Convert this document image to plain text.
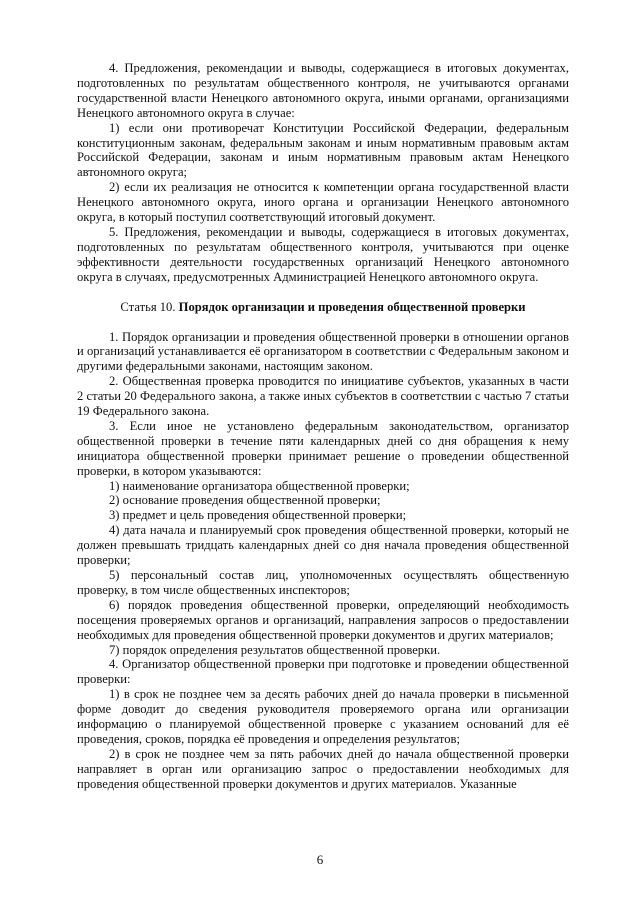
4. Предложения, рекомендации и выводы, содержащиеся в итоговых документах, подготовленных по результатам общественного контроля, не учитываются органами государственной власти Ненецкого автономного округа, иными органами, организациями Ненецкого автономного округа в случае:

1) если они противоречат Конституции Российской Федерации, федеральным конституционным законам, федеральным законам и иным нормативным правовым актам Российской Федерации, законам и иным нормативным правовым актам Ненецкого автономного округа;

2) если их реализация не относится к компетенции органа государственной власти Ненецкого автономного округа, иного органа и организации Ненецкого автономного округа, в который поступил соответствующий итоговый документ.

5. Предложения, рекомендации и выводы, содержащиеся в итоговых документах, подготовленных по результатам общественного контроля, учитываются при оценке эффективности деятельности государственных организаций Ненецкого автономного округа в случаях, предусмотренных Администрацией Ненецкого автономного округа.

Статья 10. Порядок организации и проведения общественной проверки

1. Порядок организации и проведения общественной проверки в отношении органов и организаций устанавливается её организатором в соответствии с Федеральным законом и другими федеральными законами, настоящим законом.

2. Общественная проверка проводится по инициативе субъектов, указанных в части 2 статьи 20 Федерального закона, а также иных субъектов в соответствии с частью 7 статьи 19 Федерального закона.

3. Если иное не установлено федеральным законодательством, организатор общественной проверки в течение пяти календарных дней со дня обращения к нему инициатора общественной проверки принимает решение о проведении общественной проверки, в котором указываются:

1) наименование организатора общественной проверки;

2) основание проведения общественной проверки;

3) предмет и цель проведения общественной проверки;

4) дата начала и планируемый срок проведения общественной проверки, который не должен превышать тридцать календарных дней со дня начала проведения общественной проверки;

5) персональный состав лиц, уполномоченных осуществлять общественную проверку, в том числе общественных инспекторов;

6) порядок проведения общественной проверки, определяющий необходимость посещения проверяемых органов и организаций, направления запросов о предоставлении необходимых для проведения общественной проверки документов и других материалов;

7) порядок определения результатов общественной проверки.

4. Организатор общественной проверки при подготовке и проведении общественной проверки:

1) в срок не позднее чем за десять рабочих дней до начала проверки в письменной форме доводит до сведения руководителя проверяемого органа или организации информацию о планируемой общественной проверке с указанием оснований для её проведения, сроков, порядка её проведения и определения результатов;

2) в срок не позднее чем за пять рабочих дней до начала общественной проверки направляет в орган или организацию запрос о предоставлении необходимых для проведения общественной проверки документов и других материалов. Указанные

6
